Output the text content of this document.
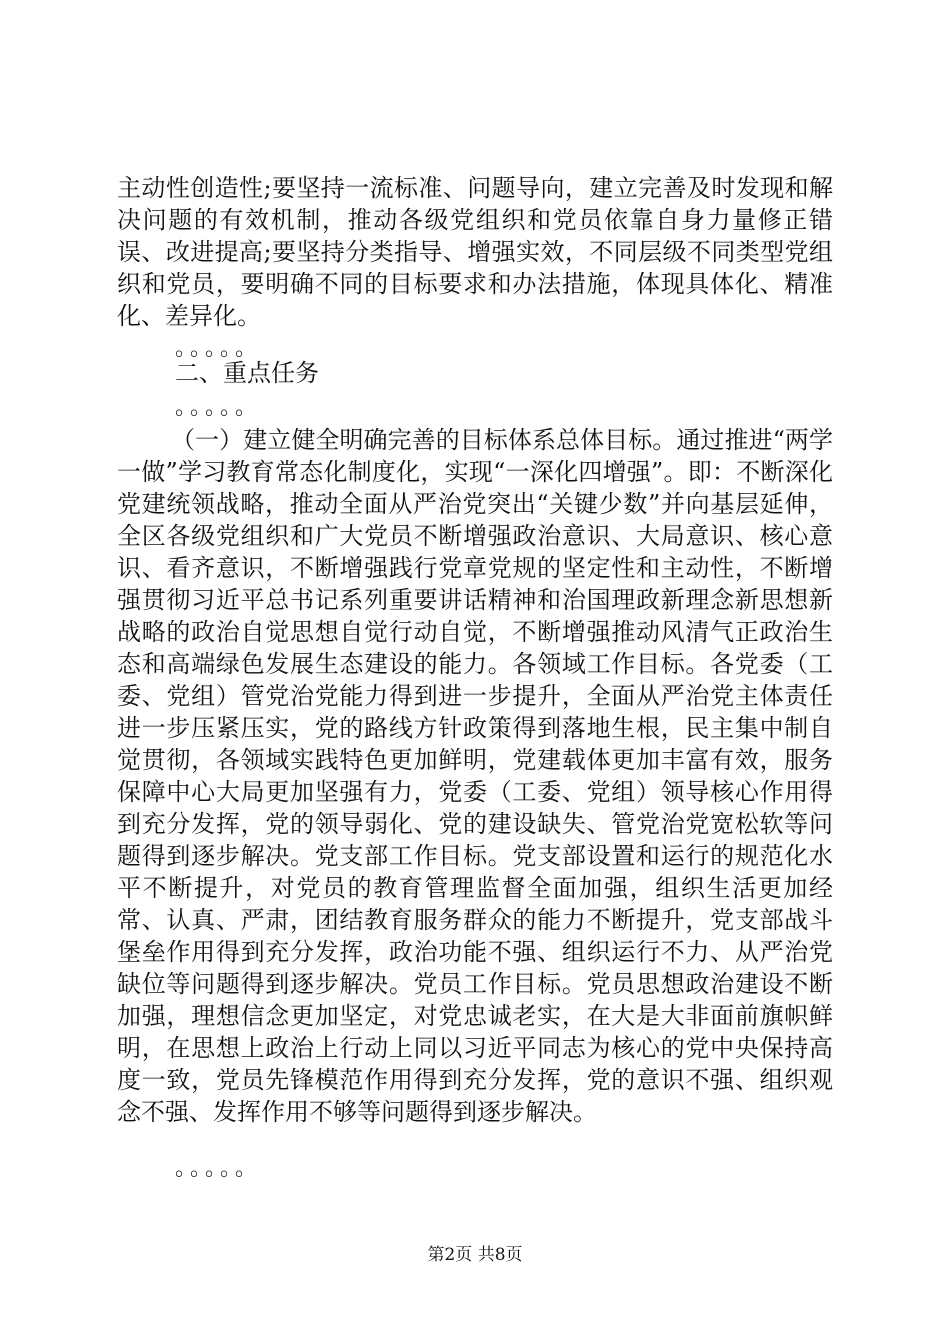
主动性创造性;要坚持一流标准、问题导向，建立完善及时发现和解决问题的有效机制，推动各级党组织和党员依靠自身力量修正错误、改进提高;要坚持分类指导、增强实效，不同层级不同类型党组织和党员，要明确不同的目标要求和办法措施，体现具体化、精准化、差异化。

。。。。。

二、重点任务

。。。。。

（一）建立健全明确完善的目标体系总体目标。通过推进“两学一做”学习教育常态化制度化，实现“一深化四增强”。即：不断深化党建统领战略，推动全面从严治党突出“关键少数”并向基层延伸，全区各级党组织和广大党员不断增强政治意识、大局意识、核心意识、看齐意识，不断增强践行党章党规的坚定性和主动性，不断增强贯彻习近平总书记系列重要讲话精神和治国理政新理念新思想新战略的政治自觉思想自觉行动自觉，不断增强推动风清气正政治生态和高端绿色发展生态建设的能力。各领域工作目标。各党委（工委、党组）管党治党能力得到进一步提升，全面从严治党主体责任进一步压紧压实，党的路线方针政策得到落地生根，民主集中制自觉贯彻，各领域实践特色更加鲜明，党建载体更加丰富有效，服务保障中心大局更加坚强有力，党委（工委、党组）领导核心作用得到充分发挥，党的领导弱化、党的建设缺失、管党治党宽松软等问题得到逐步解决。党支部工作目标。党支部设置和运行的规范化水平不断提升，对党员的教育管理监督全面加强，组织生活更加经常、认真、严肃，团结教育服务群众的能力不断提升，党支部战斗堡垒作用得到充分发挥，政治功能不强、组织运行不力、从严治党缺位等问题得到逐步解决。党员工作目标。党员思想政治建设不断加强，理想信念更加坚定，对党忠诚老实，在大是大非面前旗帜鲜明，在思想上政治上行动上同以习近平同志为核心的党中央保持高度一致，党员先锋模范作用得到充分发挥，党的意识不强、组织观念不强、发挥作用不够等问题得到逐步解决。

。。。。。

第2页 共8页
